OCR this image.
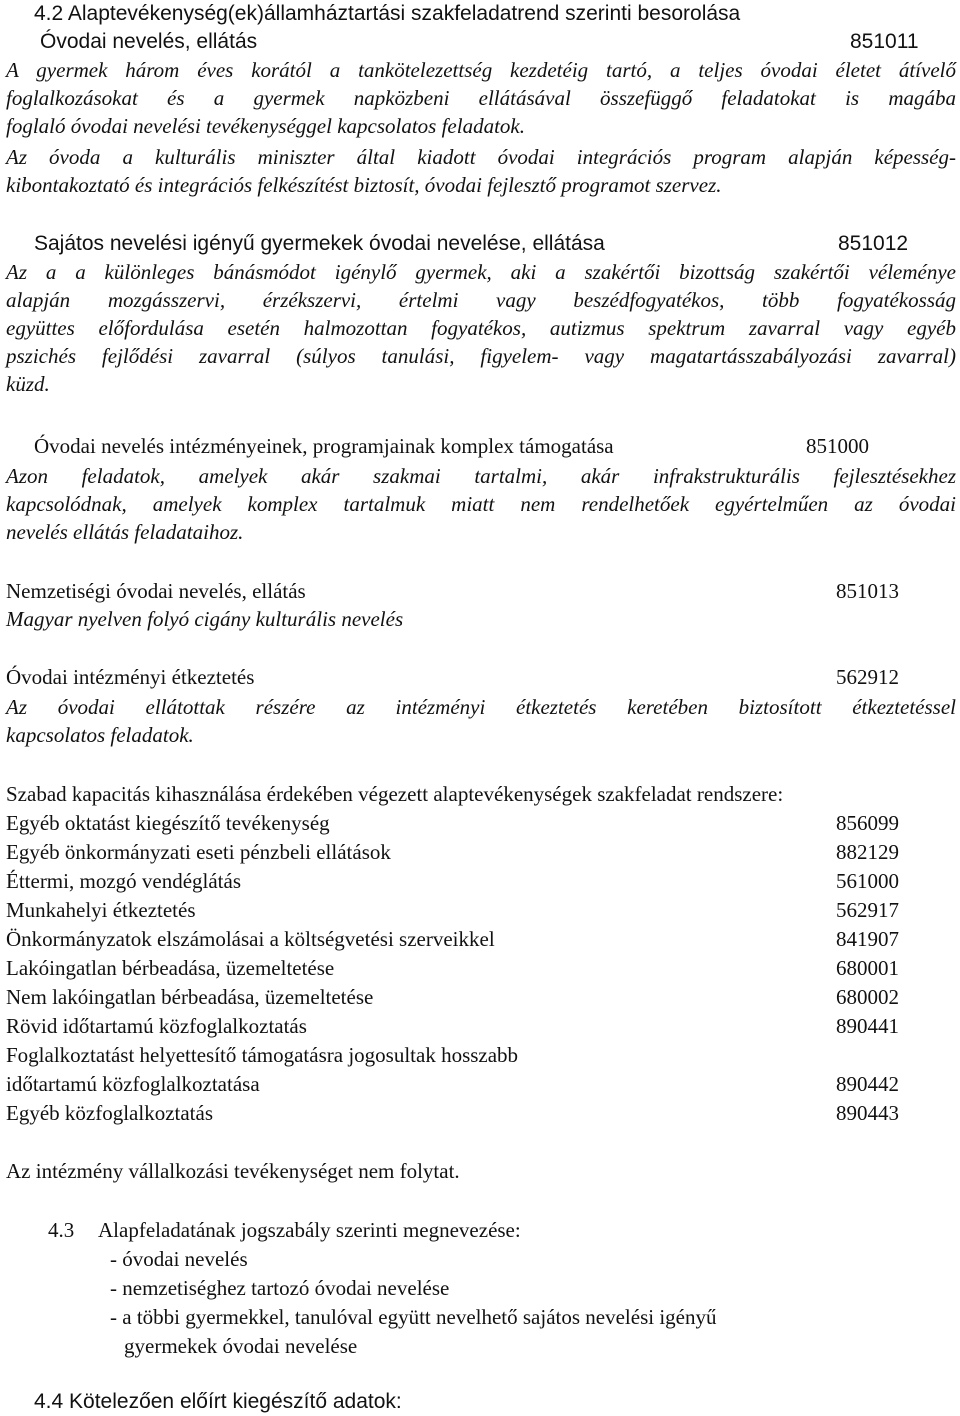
4.2 Alaptevékenység(ek)államháztartási szakfeladatrend szerinti besorolása
Óvodai nevelés, ellátás	851011
A gyermek három éves korától a tankötelezettség kezdetéig tartó, a teljes óvodai életet átívelő
foglalkozásokat és a gyermek napközbeni ellátásával összefüggő feladatokat is magába
foglaló óvodai nevelési tevékenységgel kapcsolatos feladatok.
Az óvoda a kulturális miniszter által kiadott óvodai integrációs program alapján képesség-
kibontakoztató és integrációs felkészítést biztosít, óvodai fejlesztő programot szervez.
Sajátos nevelési igényű gyermekek óvodai nevelése, ellátása	851012
Az a a különleges bánásmódot igénylő gyermek, aki a szakértői bizottság szakértői véleménye
alapján mozgásszervi, érzékszervi, értelmi vagy beszédfogyatékos, több fogyatékosság
együttes előfordulása esetén halmozottan fogyatékos, autizmus spektrum zavarral vagy egyéb
pszichés fejlődési zavarral (súlyos tanulási, figyelem- vagy magatartásszabályozási zavarral)
küzd.
Óvodai nevelés intézményeinek, programjainak komplex támogatása	851000
Azon feladatok, amelyek akár szakmai tartalmi, akár infrakstrukturális fejlesztésekhez
kapcsolódnak, amelyek komplex tartalmuk miatt nem rendelhetőek egyértelműen az óvodai
nevelés ellátás feladataihoz.
Nemzetiségi óvodai nevelés, ellátás	851013
Magyar nyelven folyó cigány kulturális nevelés
Óvodai intézményi étkeztetés	562912
Az óvodai ellátottak részére az intézményi étkeztetés keretében biztosított étkeztetéssel
kapcsolatos feladatok.
Szabad kapacitás kihasználása érdekében végezett alaptevékenységek szakfeladat rendszere:
Egyéb oktatást kiegészítő tevékenység	856099
Egyéb önkormányzati eseti pénzbeli ellátások	882129
Éttermi, mozgó vendéglátás	561000
Munkahelyi étkeztetés	562917
Önkormányzatok elszámolásai a költségvetési szerveikkel	841907
Lakóingatlan bérbeadása, üzemeltetése	680001
Nem lakóingatlan bérbeadása, üzemeltetése	680002
Rövid időtartamú közfoglalkoztatás	890441
Foglalkoztatást helyettesítő támogatásra jogosultak hosszabb
időtartamú közfoglalkoztatása	890442
Egyéb közfoglalkoztatás	890443
Az intézmény vállalkozási tevékenységet nem folytat.
4.3 Alapfeladatának jogszabály szerinti megnevezése:
- óvodai nevelés
- nemzetiséghez tartozó óvodai nevelése
- a többi gyermekkel, tanulóval együtt nevelhető sajátos nevelési igényű
gyermekek óvodai nevelése
4.4 Kötelezően előírt kiegészítő adatok:
